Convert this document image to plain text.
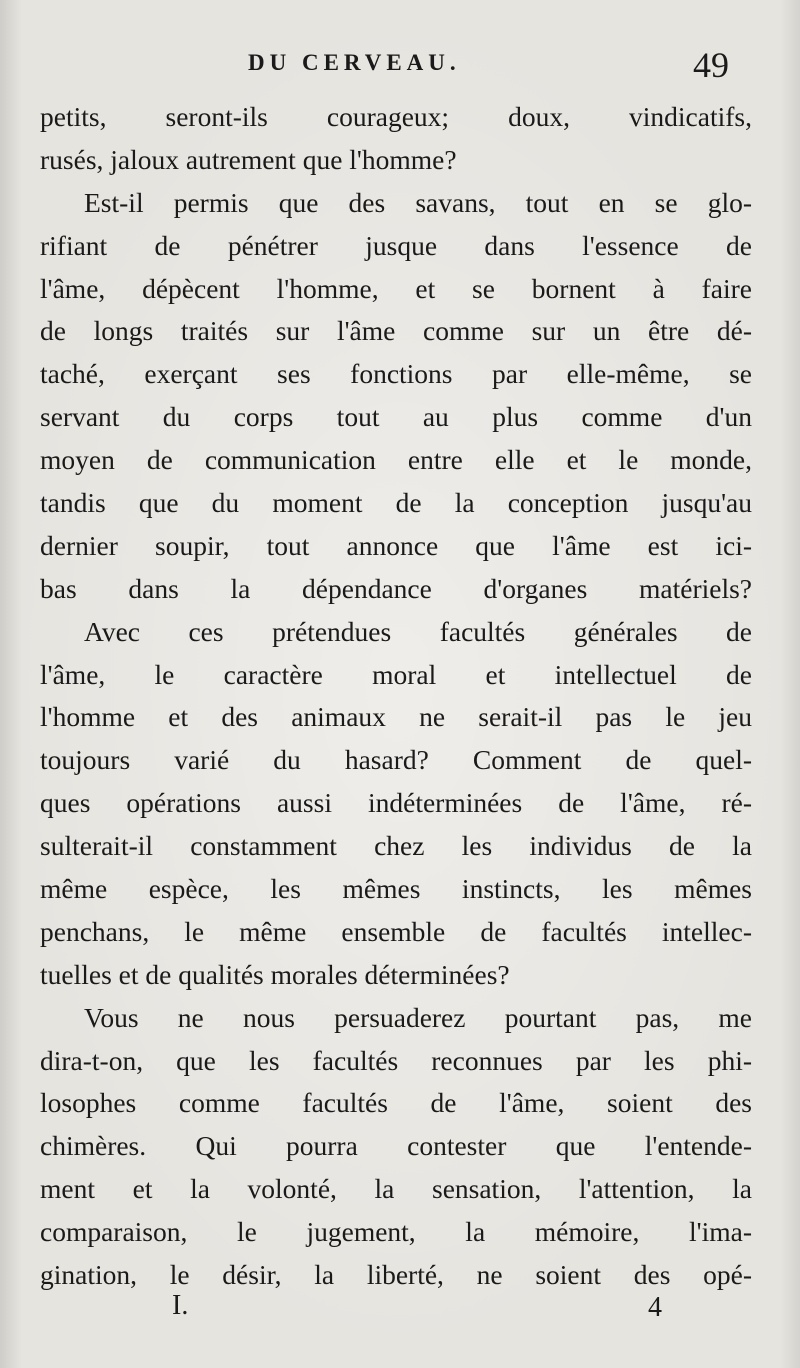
DU CERVEAU.	49
petits, seront-ils courageux; doux, vindicatifs,
rusés, jaloux autrement que l'homme?
Est-il permis que des savans, tout en se glo-
rifiant de pénétrer jusque dans l'essence de
l'âme, dépècent l'homme, et se bornent à faire
de longs traités sur l'âme comme sur un être dé-
taché, exerçant ses fonctions par elle-même, se
servant du corps tout au plus comme d'un
moyen de communication entre elle et le monde,
tandis que du moment de la conception jusqu'au
dernier soupir, tout annonce que l'âme est ici-
bas dans la dépendance d'organes matériels?
Avec ces prétendues facultés générales de
l'âme, le caractère moral et intellectuel de
l'homme et des animaux ne serait-il pas le jeu
toujours varié du hasard? Comment de quel-
ques opérations aussi indéterminées de l'âme, ré-
sulterait-il constamment chez les individus de la
même espèce, les mêmes instincts, les mêmes
penchans, le même ensemble de facultés intellec-
tuelles et de qualités morales déterminées?
Vous ne nous persuaderez pourtant pas, me
dira-t-on, que les facultés reconnues par les phi-
losophes comme facultés de l'âme, soient des
chimères. Qui pourra contester que l'entende-
ment et la volonté, la sensation, l'attention, la
comparaison, le jugement, la mémoire, l'ima-
gination, le désir, la liberté, ne soient des opé-
I.	4
